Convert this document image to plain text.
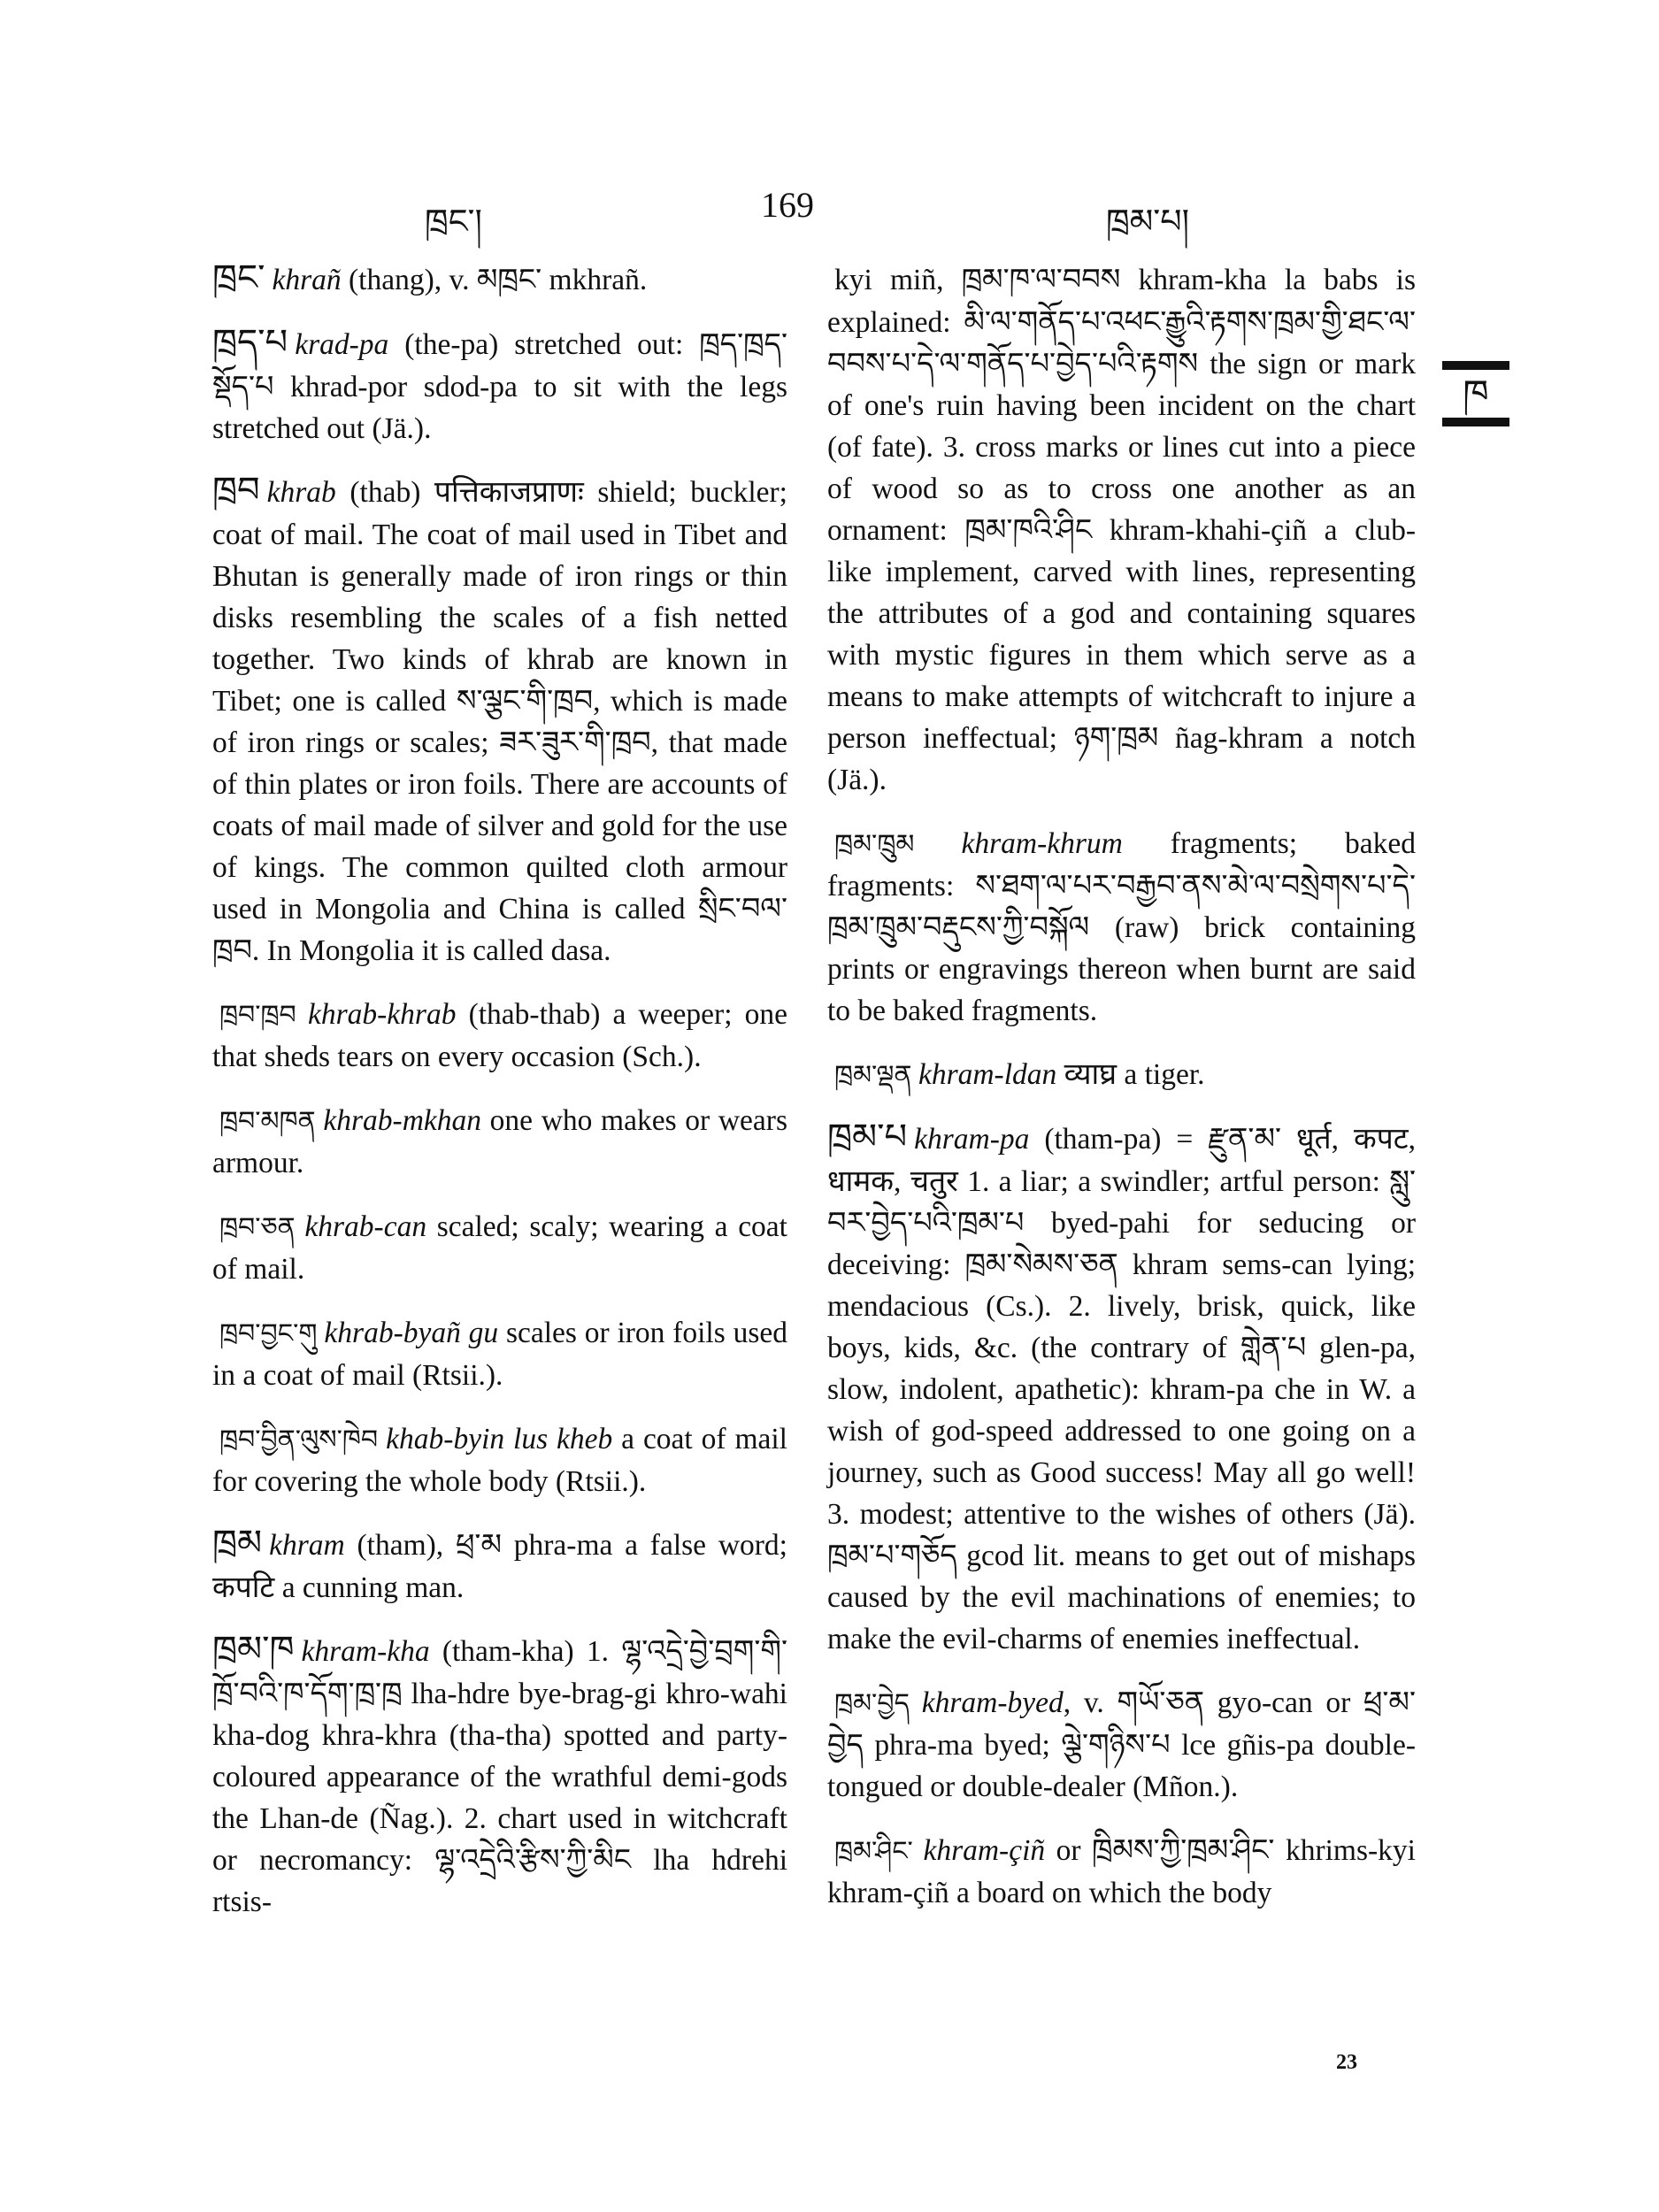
ཁྲང་།	169	ཁྲམ་པ།
ཁ

ཁྲང་ khrañ (thang), v. མཁྲང་ mkhrañ.

ཁྲད་པ krad-pa (the-pa) stretched out: ཁྲད་ཁྲད་སྡོད་པ khrad-por sdod-pa to sit with the legs stretched out (Jä.).

ཁྲབ khrab (thab) पत्तिकाजप्राणः shield; buckler; coat of mail. The coat of mail used in Tibet and Bhutan is generally made of iron rings or thin disks resembling the scales of a fish netted together. Two kinds of khrab are known in Tibet; one is called ས་ལྕང་གི་ཁྲབ, which is made of iron rings or scales; ཟར་ཟུར་གི་ཁྲབ, that made of thin plates or iron foils. There are accounts of coats of mail made of silver and gold for the use of kings. The common quilted cloth armour used in Mongolia and China is called སྲིང་བལ་ཁྲབ. In Mongolia it is called dasa.

ཁྲབ་ཁྲབ khrab-khrab (thab-thab) a weeper; one that sheds tears on every occasion (Sch.).

ཁྲབ་མཁན khrab-mkhan one who makes or wears armour.

ཁྲབ་ཅན khrab-can scaled; scaly; wearing a coat of mail.

ཁྲབ་བྱང་གུ khrab-byañ gu scales or iron foils used in a coat of mail (Rtsii.).

ཁྲབ་བྱིན་ལུས་ཁེབ khab-byin lus kheb a coat of mail for covering the whole body (Rtsii.).

ཁྲམ khram (tham), ཕྲ་མ phra-ma a false word; कपटि a cunning man.

ཁྲམ་ཁ khram-kha (tham-kha) 1. ལྷ་འདྲེ་བྱེ་བྲག་གི་ཁྲོ་བའི་ཁ་དོག་ཁྲ་ཁྲ lha-hdre bye-brag-gi khro-wahi kha-dog khra-khra (tha-tha) spotted and party-coloured appearance of the wrathful demi-gods the Lhan-de (Ñag.). 2. chart used in witchcraft or necromancy: ལྷ་འདྲེའི་རྩིས་ཀྱི་མིང lha hdrehi rtsis-

kyi miñ, ཁྲམ་ཁ་ལ་བབས khram-kha la babs is explained: མི་ལ་གནོད་པ་འཕང་རྒྱུའི་རྟགས་ཁྲམ་གྱི་ཐང་ལ་བབས་པ་དེ་ལ་གནོད་པ་བྱེད་པའི་རྟགས the sign or mark of one's ruin having been incident on the chart (of fate). 3. cross marks or lines cut into a piece of wood so as to cross one another as an ornament: ཁྲམ་ཁའི་ཤིང khram-khahi-çiñ a club-like implement, carved with lines, representing the attributes of a god and containing squares with mystic figures in them which serve as a means to make attempts of witchcraft to injure a person ineffectual; ཉག་ཁྲམ ñag-khram a notch (Jä.).

ཁྲམ་ཁྲུམ khram-khrum fragments; baked fragments: ས་ཐག་ལ་པར་བརྒྱབ་ནས་མེ་ལ་བསྲེགས་པ་དེ་ཁྲམ་ཁྲུམ་བརྡུངས་ཀྱི་བསྐོལ (raw) brick containing prints or engravings thereon when burnt are said to be baked fragments.

ཁྲམ་ལྡན khram-ldan व्याघ्र a tiger.

ཁྲམ་པ khram-pa (tham-pa) = རྫུན་མ་ धूर्त, कपट, धामक, चतुर 1. a liar; a swindler; artful person: སླུ་བར་བྱེད་པའི་ཁྲམ་པ byed-pahi for seducing or deceiving: ཁྲམ་སེམས་ཅན khram sems-can lying; mendacious (Cs.). 2. lively, brisk, quick, like boys, kids, &c. (the contrary of གླེན་པ glen-pa, slow, indolent, apathetic): khram-pa che in W. a wish of god-speed addressed to one going on a journey, such as Good success! May all go well! 3. modest; attentive to the wishes of others (Jä). ཁྲམ་པ་གཅོད gcod lit. means to get out of mishaps caused by the evil machinations of enemies; to make the evil-charms of enemies ineffectual.

ཁྲམ་བྱེད khram-byed, v. གཡོ་ཅན gyo-can or ཕྲ་མ་བྱེད phra-ma byed; ལྕེ་གཉིས་པ lce gñis-pa double-tongued or double-dealer (Mñon.).

ཁྲམ་ཤིང་ khram-çiñ or ཁྲིམས་ཀྱི་ཁྲམ་ཤིང་ khrims-kyi khram-çiñ a board on which the body

23
